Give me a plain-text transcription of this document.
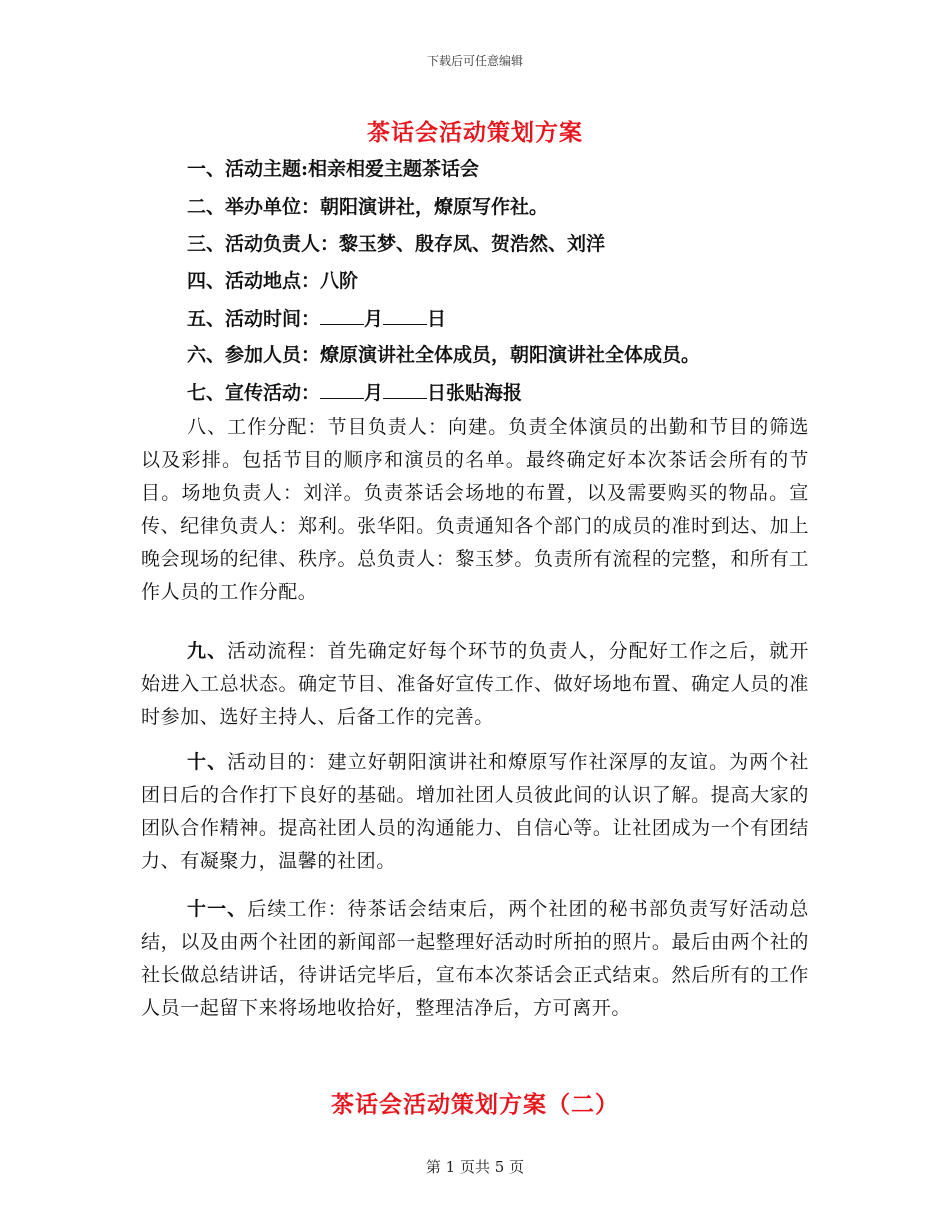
下载后可任意编辑
茶话会活动策划方案
一、活动主题:相亲相爱主题茶话会
二、举办单位：朝阳演讲社，燎原写作社。
三、活动负责人：黎玉梦、殷存凤、贺浩然、刘洋
四、活动地点：八阶
五、活动时间： 月 日
六、参加人员：燎原演讲社全体成员，朝阳演讲社全体成员。
七、宣传活动： 月 日张贴海报
八、工作分配：节目负责人：向建。负责全体演员的出勤和节目的筛选以及彩排。包括节目的顺序和演员的名单。最终确定好本次茶话会所有的节目。场地负责人：刘洋。负责茶话会场地的布置，以及需要购买的物品。宣传、纪律负责人：郑利。张华阳。负责通知各个部门的成员的准时到达、加上晚会现场的纪律、秩序。总负责人：黎玉梦。负责所有流程的完整，和所有工作人员的工作分配。
九、活动流程：首先确定好每个环节的负责人，分配好工作之后，就开始进入工总状态。确定节目、准备好宣传工作、做好场地布置、确定人员的准时参加、选好主持人、后备工作的完善。
十、活动目的：建立好朝阳演讲社和燎原写作社深厚的友谊。为两个社团日后的合作打下良好的基础。增加社团人员彼此间的认识了解。提高大家的团队合作精神。提高社团人员的沟通能力、自信心等。让社团成为一个有团结力、有凝聚力，温馨的社团。
十一、后续工作：待茶话会结束后，两个社团的秘书部负责写好活动总结，以及由两个社团的新闻部一起整理好活动时所拍的照片。最后由两个社的社长做总结讲话，待讲话完毕后，宣布本次茶话会正式结束。然后所有的工作人员一起留下来将场地收拾好，整理洁净后，方可离开。
茶话会活动策划方案（二）
第 1 页共 5 页
